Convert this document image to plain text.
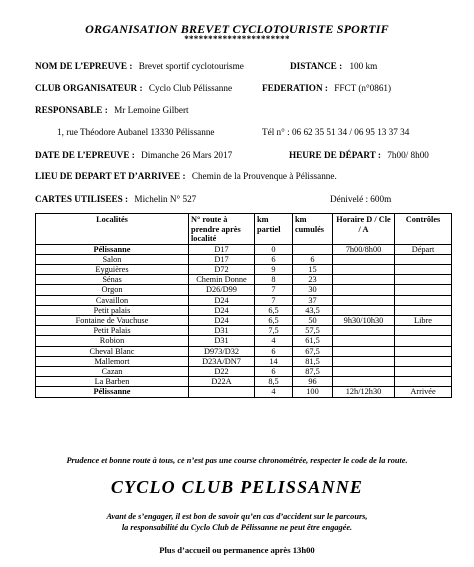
ORGANISATION BREVET CYCLOTOURISTE SPORTIF
**********************
NOM DE L’EPREUVE : Brevet sportif cyclotourisme	DISTANCE : 100 km
CLUB ORGANISATEUR : Cyclo Club Pélissanne	FEDERATION : FFCT (n°0861)
RESPONSABLE : Mr Lemoine Gilbert
1, rue Théodore Aubanel 13330 Pélissanne	Tél n° : 06 62 35 51 34 / 06 95 13 37 34
DATE DE L’EPREUVE : Dimanche 26 Mars 2017	HEURE DE DÉPART : 7h00/ 8h00
LIEU DE DEPART ET D’ARRIVEE : Chemin de la Prouvenque à Pélissanne.
CARTES UTILISEES : Michelin N° 527	Dénivelé : 600m
Localités	N° route à prendre après localité	km partiel	km cumulés	Horaire D / Cle / A	Contrôles
Pélissanne	D17	0		7h00/8h00	Départ
Salon	D17	6	6		
Eyguières	D72	9	15		
Sénas	Chemin Donne	8	23		
Orgon	D26/D99	7	30		
Cavaillon	D24	7	37		
Petit palais	D24	6,5	43,5		
Fontaine de Vauchuse	D24	6,5	50	9h30/10h30	Libre
Petit Palais	D31	7,5	57,5		
Robion	D31	4	61,5		
Cheval Blanc	D973/D32	6	67,5		
Mallemort	D23A/DN7	14	81,5		
Cazan	D22	6	87,5		
La Barben	D22A	8,5	96		
Pélissanne		4	100	12h/12h30	Arrivée
Prudence et bonne route à tous, ce n’est pas une course chronométrée, respecter le code de la route.
CYCLO CLUB PELISSANNE
Avant de s’engager, il est bon de savoir qu’en cas d’accident sur le parcours,
la responsabilité du Cyclo Club de Pélissanne ne peut être engagée.
Plus d’accueil ou permanence après 13h00
